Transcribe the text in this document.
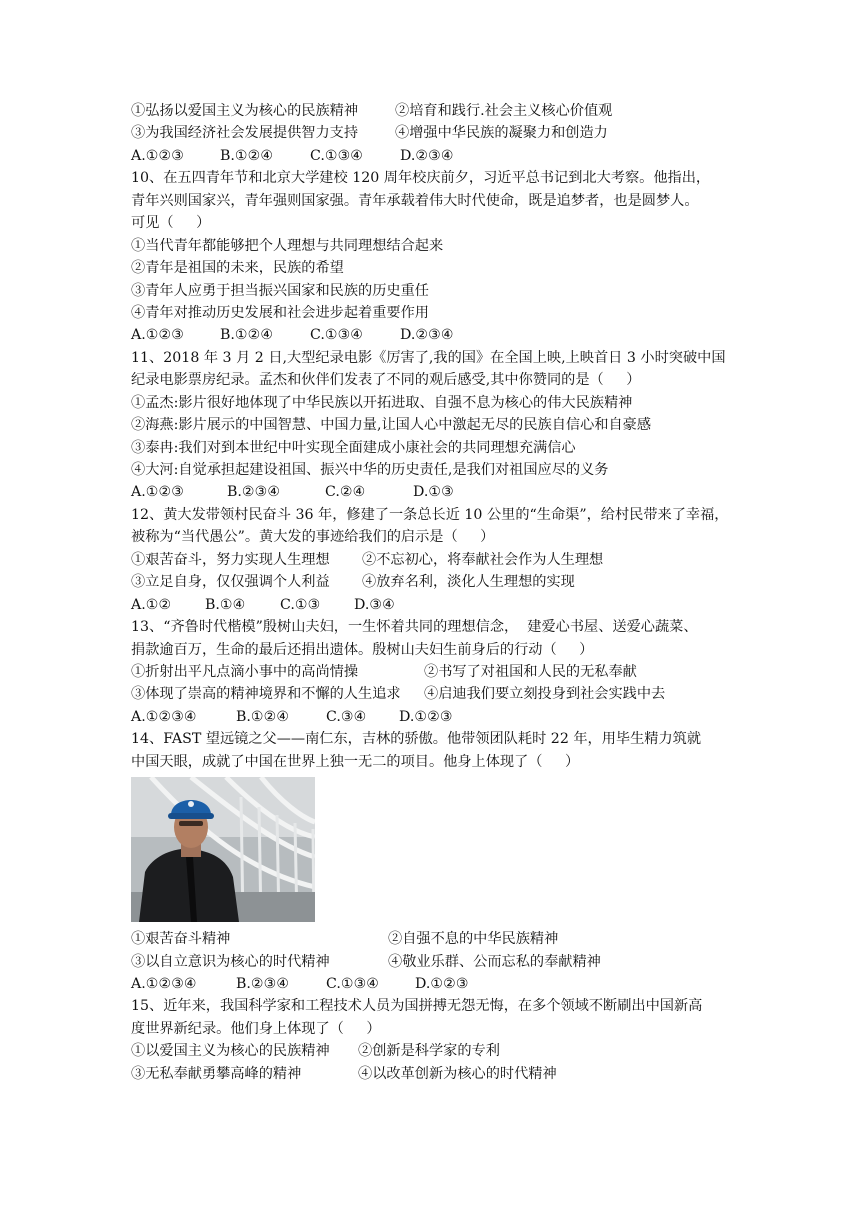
①弘扬以爱国主义为核心的民族精神	②培育和践行.社会主义核心价值观
③为我国经济社会发展提供智力支持	④增强中华民族的凝聚力和创造力
A.①②③	B.①②④	C.①③④	D.②③④
10、在五四青年节和北京大学建校 120 周年校庆前夕，习近平总书记到北大考察。他指出，
青年兴则国家兴，青年强则国家强。青年承载着伟大时代使命，既是追梦者，也是圆梦人。
可见（     ）
①当代青年都能够把个人理想与共同理想结合起来
②青年是祖国的未来，民族的希望
③青年人应勇于担当振兴国家和民族的历史重任
④青年对推动历史发展和社会进步起着重要作用
A.①②③	B.①②④	C.①③④	D.②③④
11、2018 年 3 月 2 日,大型纪录电影《厉害了,我的国》在全国上映,上映首日 3 小时突破中国
纪录电影票房纪录。孟杰和伙伴们发表了不同的观后感受,其中你赞同的是（     ）
①孟杰:影片很好地体现了中华民族以开拓进取、自强不息为核心的伟大民族精神
②海燕:影片展示的中国智慧、中国力量,让国人心中激起无尽的民族自信心和自豪感
③泰冉:我们对到本世纪中叶实现全面建成小康社会的共同理想充满信心
④大河:自觉承担起建设祖国、振兴中华的历史责任,是我们对祖国应尽的义务
A.①②③	B.②③④	C.②④	D.①③
12、黄大发带领村民奋斗 36 年，修建了一条总长近 10 公里的“生命渠”，给村民带来了幸福，
被称为“当代愚公”。黄大发的事迹给我们的启示是（     ）
①艰苦奋斗，努力实现人生理想	②不忘初心，将奉献社会作为人生理想
③立足自身，仅仅强调个人利益	④放弃名利，淡化人生理想的实现
A.①②	B.①④	C.①③	D.③④
13、“齐鲁时代楷模”殷树山夫妇，一生怀着共同的理想信念，  建爱心书屋、送爱心蔬菜、
捐款逾百万，生命的最后还捐出遗体。殷树山夫妇生前身后的行动（     ）
①折射出平凡点滴小事中的高尚情操	②书写了对祖国和人民的无私奉献
③体现了崇高的精神境界和不懈的人生追求	④启迪我们要立刻投身到社会实践中去
A.①②③④	B.①②④	C.③④	D.①②③
14、FAST 望远镜之父——南仁东，吉林的骄傲。他带领团队耗时 22 年，用毕生精力筑就
中国天眼，成就了中国在世界上独一无二的项目。他身上体现了（     ）
①艰苦奋斗精神	②自强不息的中华民族精神
③以自立意识为核心的时代精神	④敬业乐群、公而忘私的奉献精神
A.①②③④	B.②③④	C.①③④	D.①②③
15、近年来，我国科学家和工程技术人员为国拼搏无怨无悔，在多个领域不断刷出中国新高
度世界新纪录。他们身上体现了（     ）
①以爱国主义为核心的民族精神	②创新是科学家的专利
③无私奉献勇攀高峰的精神	④以改革创新为核心的时代精神
